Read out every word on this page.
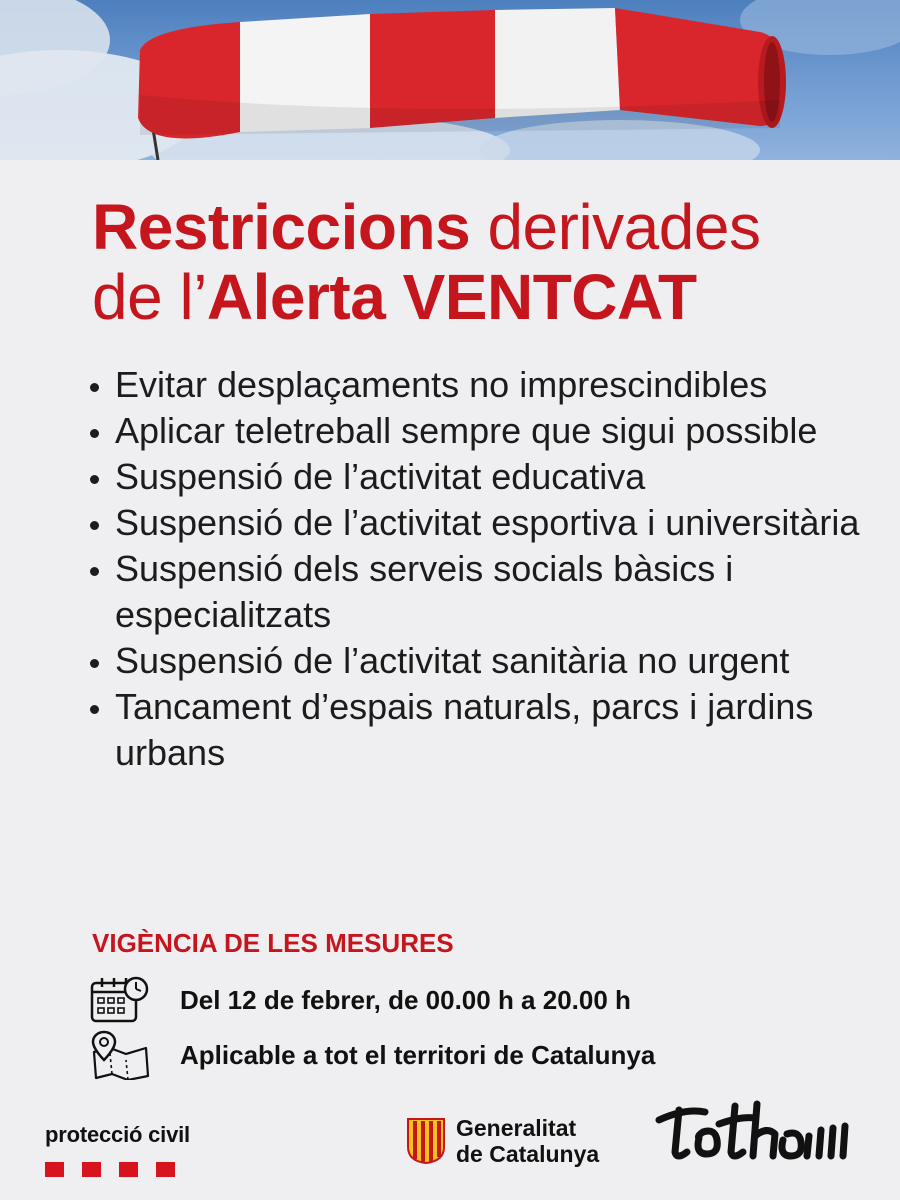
Restriccions derivades
de l’Alerta VENTCAT
Evitar desplaçaments no imprescindibles
Aplicar teletreball sempre que sigui possible
Suspensió de l’activitat educativa
Suspensió de l’activitat esportiva i universitària
Suspensió dels serveis socials bàsics i especialitzats
Suspensió de l’activitat sanitària no urgent
Tancament d’espais naturals, parcs i jardins urbans
VIGÈNCIA DE LES MESURES
Del 12 de febrer, de 00.00 h a 20.00 h
Aplicable a tot el territori de Catalunya
protecció civil	Generalitat
de Catalunya
